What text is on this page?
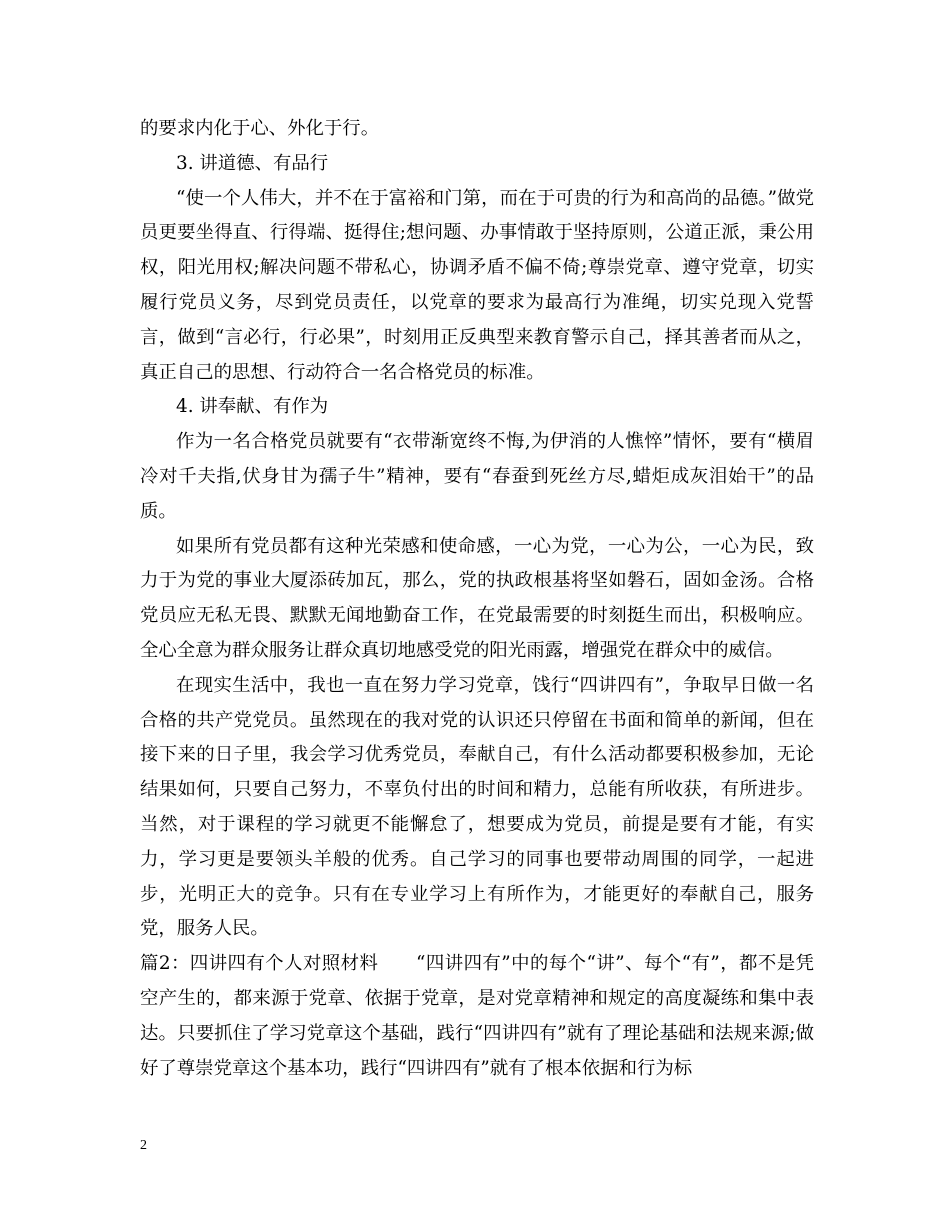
的要求内化于心、外化于行。

3. 讲道德、有品行

“使一个人伟大，并不在于富裕和门第，而在于可贵的行为和高尚的品德。”做党员更要坐得直、行得端、挺得住;想问题、办事情敢于坚持原则，公道正派，秉公用权，阳光用权;解决问题不带私心，协调矛盾不偏不倚;尊崇党章、遵守党章，切实履行党员义务，尽到党员责任，以党章的要求为最高行为准绳，切实兑现入党誓言，做到“言必行，行必果”，时刻用正反典型来教育警示自己，择其善者而从之，真正自己的思想、行动符合一名合格党员的标准。

4. 讲奉献、有作为

作为一名合格党员就要有“衣带渐宽终不悔,为伊消的人憔悴”情怀，要有“横眉冷对千夫指,伏身甘为孺子牛”精神，要有“春蚕到死丝方尽,蜡炬成灰泪始干”的品质。

如果所有党员都有这种光荣感和使命感，一心为党，一心为公，一心为民，致力于为党的事业大厦添砖加瓦，那么，党的执政根基将坚如磐石，固如金汤。合格党员应无私无畏、默默无闻地勤奋工作，在党最需要的时刻挺生而出，积极响应。全心全意为群众服务让群众真切地感受党的阳光雨露，增强党在群众中的威信。

在现实生活中，我也一直在努力学习党章，饯行“四讲四有”，争取早日做一名合格的共产党党员。虽然现在的我对党的认识还只停留在书面和简单的新闻，但在接下来的日子里，我会学习优秀党员，奉献自己，有什么活动都要积极参加，无论结果如何，只要自己努力，不辜负付出的时间和精力，总能有所收获，有所进步。当然，对于课程的学习就更不能懈怠了，想要成为党员，前提是要有才能，有实力，学习更是要领头羊般的优秀。自己学习的同事也要带动周围的同学，一起进步，光明正大的竞争。只有在专业学习上有所作为，才能更好的奉献自己，服务党，服务人民。

篇2：四讲四有个人对照材料　　“四讲四有”中的每个“讲”、每个“有”，都不是凭空产生的，都来源于党章、依据于党章，是对党章精神和规定的高度凝练和集中表达。只要抓住了学习党章这个基础，践行“四讲四有”就有了理论基础和法规来源;做好了尊崇党章这个基本功，践行“四讲四有”就有了根本依据和行为标

2
